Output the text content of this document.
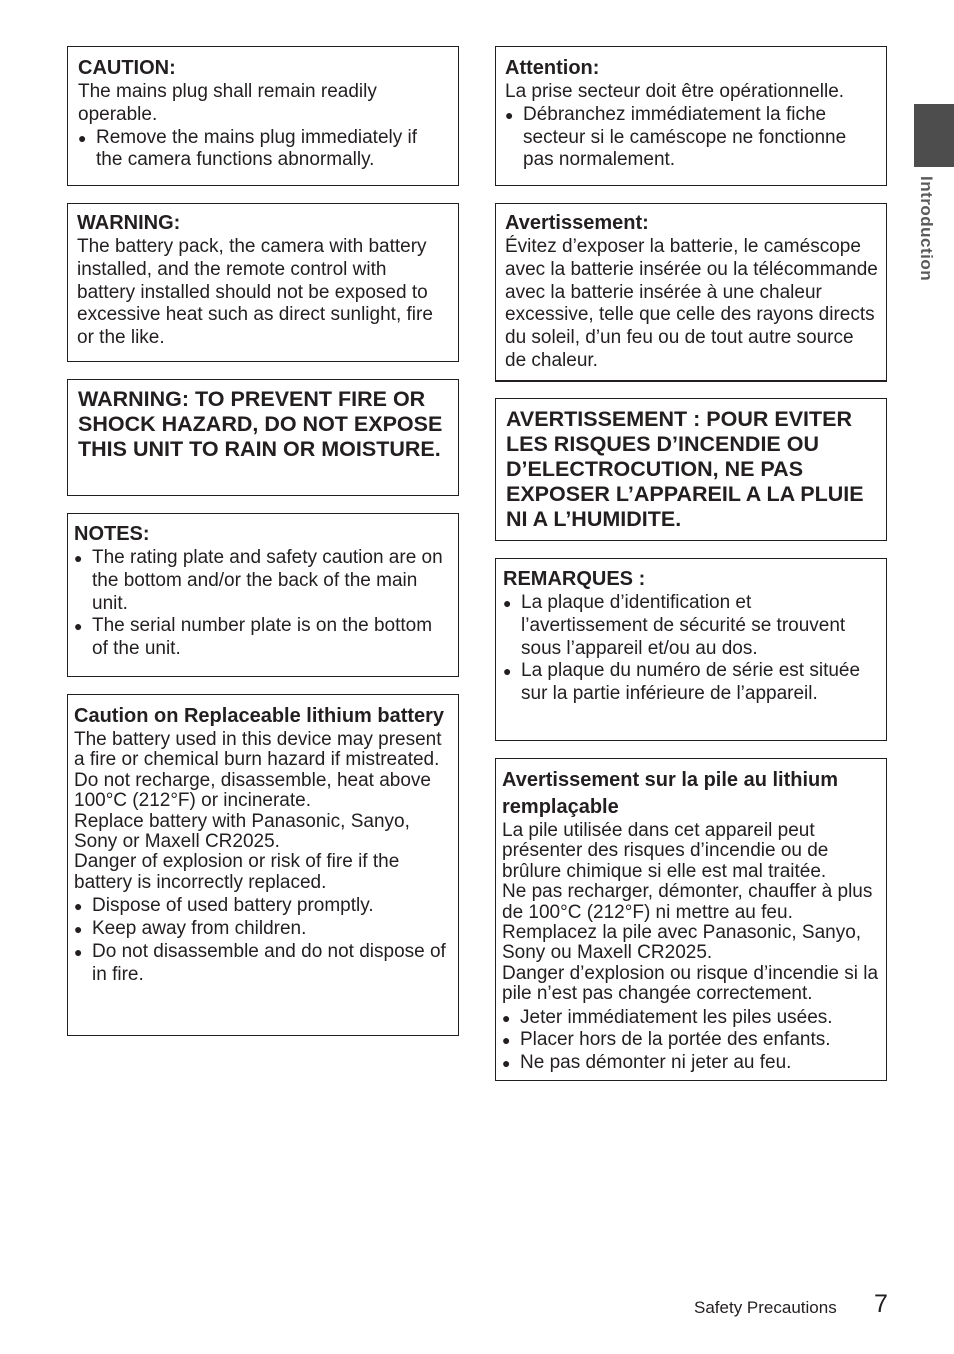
CAUTION:
The mains plug shall remain readily operable.
● Remove the mains plug immediately if the camera functions abnormally.
WARNING:
The battery pack, the camera with battery installed, and the remote control with battery installed should not be exposed to excessive heat such as direct sunlight, fire or the like.
WARNING: TO PREVENT FIRE OR SHOCK HAZARD, DO NOT EXPOSE THIS UNIT TO RAIN OR MOISTURE.
NOTES:
● The rating plate and safety caution are on the bottom and/or the back of the main unit.
● The serial number plate is on the bottom of the unit.
Caution on Replaceable lithium battery
The battery used in this device may present a fire or chemical burn hazard if mistreated.
Do not recharge, disassemble, heat above 100°C (212°F) or incinerate.
Replace battery with Panasonic, Sanyo, Sony or Maxell CR2025.
Danger of explosion or risk of fire if the battery is incorrectly replaced.
● Dispose of used battery promptly.
● Keep away from children.
● Do not disassemble and do not dispose of in fire.
Attention:
La prise secteur doit être opérationnelle.
● Débranchez immédiatement la fiche secteur si le caméscope ne fonctionne pas normalement.
Avertissement:
Évitez d’exposer la batterie, le caméscope avec la batterie insérée ou la télécommande avec la batterie insérée à une chaleur excessive, telle que celle des rayons directs du soleil, d’un feu ou de tout autre source de chaleur.
AVERTISSEMENT : POUR EVITER LES RISQUES D’INCENDIE OU D’ELECTROCUTION, NE PAS EXPOSER L’APPAREIL A LA PLUIE NI A L’HUMIDITE.
REMARQUES :
● La plaque d’identification et l’avertissement de sécurité se trouvent sous l’appareil et/ou au dos.
● La plaque du numéro de série est située sur la partie inférieure de l’appareil.
Avertissement sur la pile au lithium remplaçable
La pile utilisée dans cet appareil peut présenter des risques d’incendie ou de brûlure chimique si elle est mal traitée.
Ne pas recharger, démonter, chauffer à plus de 100°C (212°F) ni mettre au feu.
Remplacez la pile avec Panasonic, Sanyo, Sony ou Maxell CR2025.
Danger d’explosion ou risque d’incendie si la pile n’est pas changée correctement.
● Jeter immédiatement les piles usées.
● Placer hors de la portée des enfants.
● Ne pas démonter ni jeter au feu.
Introduction
Safety Precautions 7
